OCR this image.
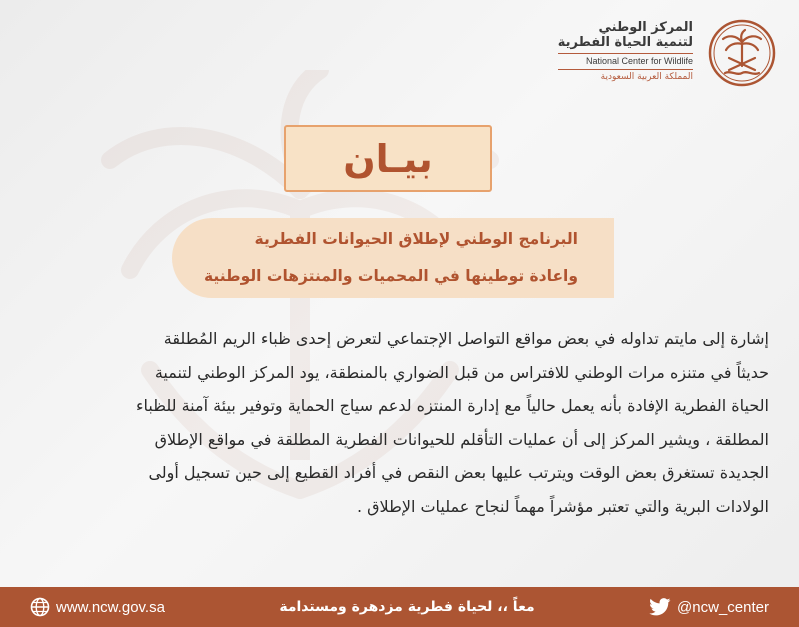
المركز الوطني
لتنمية الحياة الفطرية
National Center for Wildlife
المملكة العربية السعودية
بيـان
البرنامج الوطني لإطلاق الحيوانات الفطرية
واعادة توطينها في المحميات والمنتزهات الوطنية
إشارة إلى مايتم تداوله في بعض مواقع التواصل الإجتماعي لتعرض إحدى ظباء الريم المُطلقة
حديثاً في متنزه مرات الوطني للافتراس من قبل الضواري بالمنطقة، يود المركز الوطني لتنمية
الحياة الفطرية الإفادة بأنه يعمل حالياً مع إدارة المنتزه لدعم سياج الحماية وتوفير بيئة آمنة للظباء
المطلقة ، ويشير المركز إلى أن عمليات التأقلم للحيوانات الفطرية المطلقة في مواقع الإطلاق
الجديدة تستغرق بعض الوقت ويترتب عليها بعض النقص في أفراد القطيع إلى حين تسجيل أولى
الولادات البرية والتي تعتبر مؤشراً مهماً لنجاح عمليات الإطلاق .
www.ncw.gov.sa	معاً ،، لحياة فطرية مزدهرة ومستدامة	@ncw_center
